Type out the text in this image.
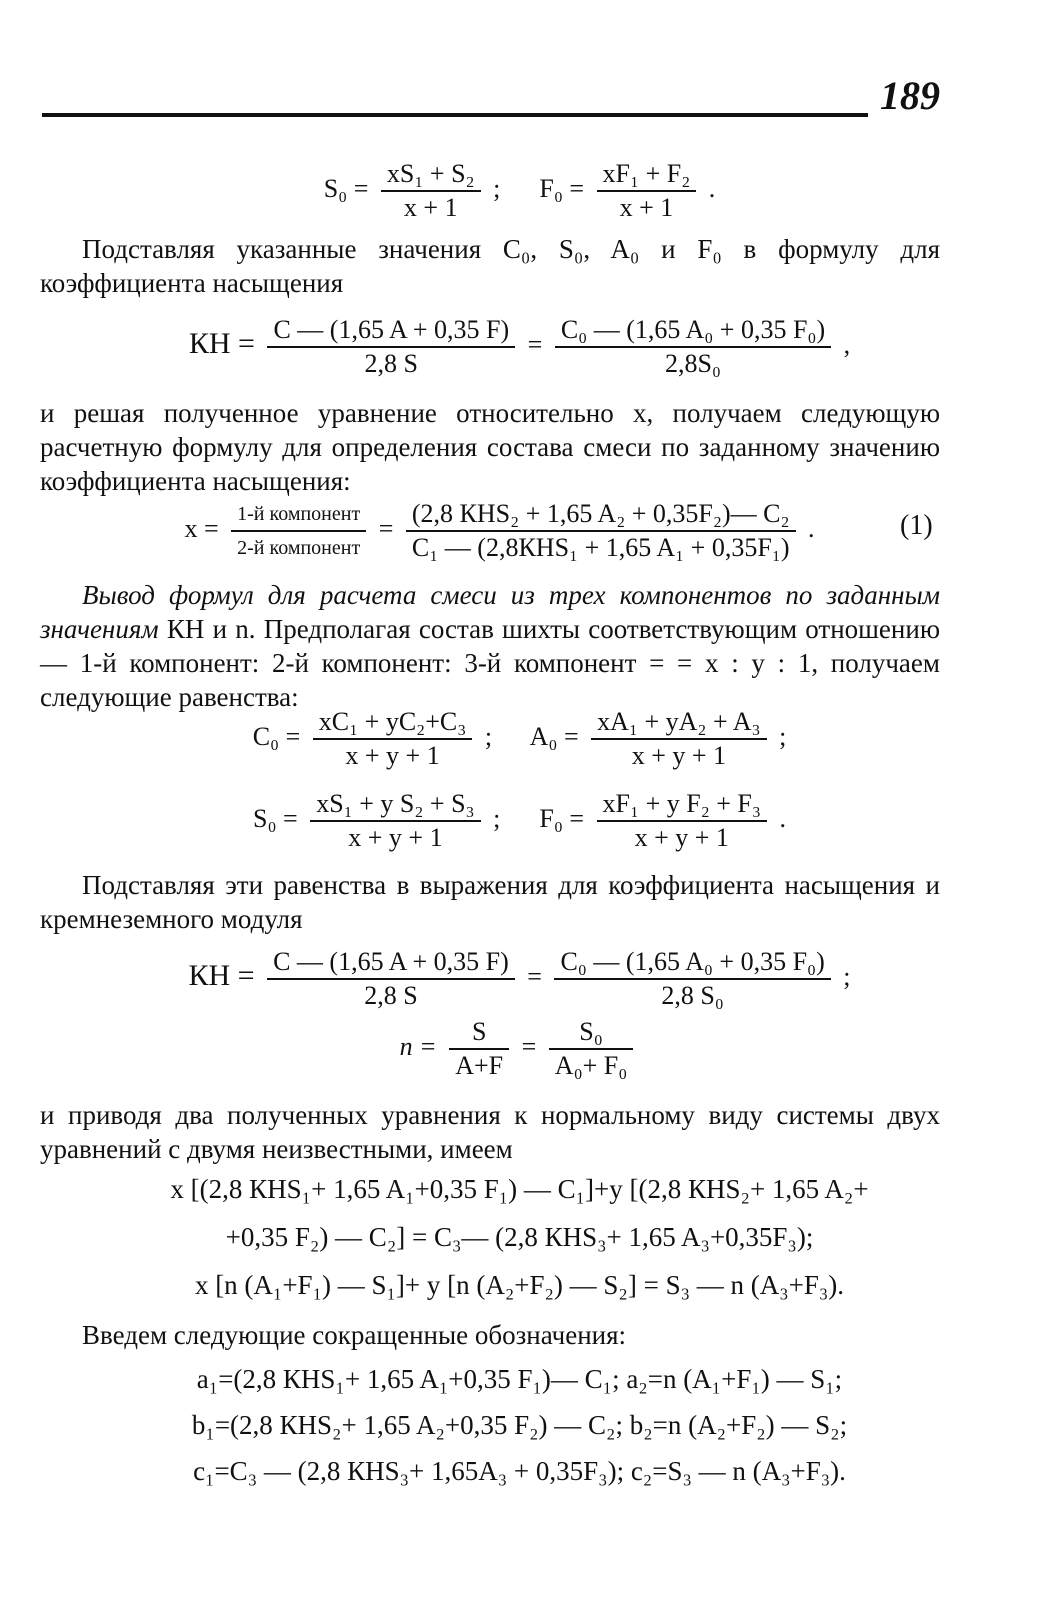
189
$S_0 = \frac{\text{xS₁ + S₂}}{x + 1}$ ; $F_0 = \frac{\text{xF₁ + F₂}}{x + 1}$ .
Подставляя указанные значения C₀, S₀, A₀ и F₀ в формулу для коэффициента насыщения
КН = $\frac{C — (1,65 A + 0,35 F)}{2,8 S} = \frac{\text{C₀ — (1,65 A₀ + 0,35 F₀)}}{\text{2,8S₀}}$ ,
и решая полученное уравнение относительно x, получаем следующую расчетную формулу для определения состава смеси по заданному значению коэффициента насыщения:
$x = \frac{\text{1-й компонент}}{\text{2-й компонент}} = \frac{\text{(2,8 КHS₂ + 1,65 A₂ + 0,35F₂)— C₂}}{\text{C₁ — (2,8КHS₁ + 1,65 A₁ + 0,35F₁)}}$ .	(1)
Вывод формул для расчета смеси из трех компонентов по заданным значениям КН и n. Предполагая состав шихты соответствующим отношению — 1-й компонент: 2-й компонент: 3-й компонент = = x : y : 1, получаем следующие равенства:
$C_0 = \frac{\text{xC₁ + yC₂+C₃}}{x + y + 1}$ ; $A_0 = \frac{\text{xA₁ + yA₂ + A₃}}{x + y + 1}$ ;
$S_0 = \frac{\text{xS₁ + y S₂ + S₃}}{x + y + 1}$ ; $F_0 = \frac{\text{xF₁ + y F₂ + F₃}}{x + y + 1}$ .
Подставляя эти равенства в выражения для коэффициента насыщения и кремнеземного модуля
КН = $\frac{C — (1,65 A + 0,35 F)}{2,8 S} = \frac{\text{C₀ — (1,65 A₀ + 0,35 F₀)}}{\text{2,8 S₀}}$ ;
$n = \frac{S}{A+F} = \frac{\text{S₀}}{\text{A₀+ F₀}}$
и приводя два полученных уравнения к нормальному виду системы двух уравнений с двумя неизвестными, имеем
x [(2,8 КHS₁+ 1,65 A₁+0,35 F₁) — C₁]+y [(2,8 КHS₂+ 1,65 A₂+
+0,35 F₂) — C₂] = C₃— (2,8 КHS₃+ 1,65 A₃+0,35F₃);
x [n (A₁+F₁) — S₁]+ y [n (A₂+F₂) — S₂] = S₃ — n (A₃+F₃).
Введем следующие сокращенные обозначения:
a₁=(2,8 КHS₁+ 1,65 A₁+0,35 F₁)— C₁; a₂=n (A₁+F₁) — S₁;
b₁=(2,8 КHS₂+ 1,65 A₂+0,35 F₂) — C₂; b₂=n (A₂+F₂) — S₂;
c₁=C₃ — (2,8 КHS₃+ 1,65A₃ + 0,35F₃); c₂=S₃ — n (A₃+F₃).
